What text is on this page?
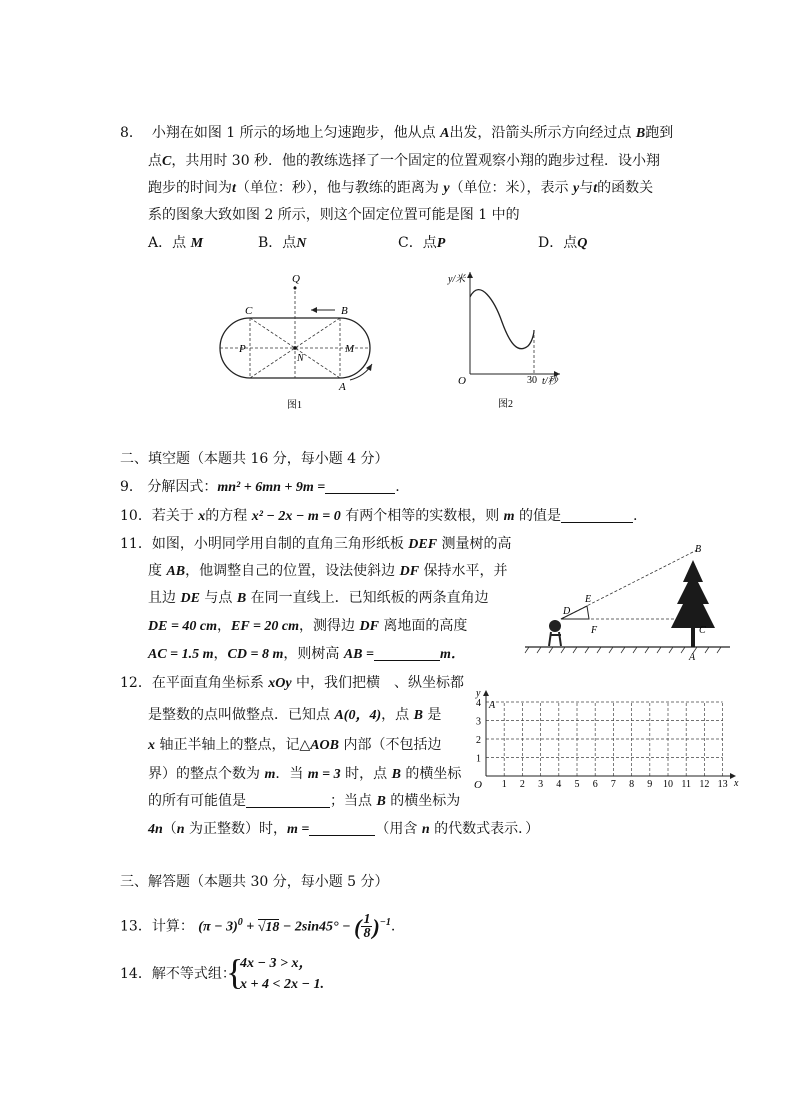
8． 小翔在如图 1 所示的场地上匀速跑步，他从点 A出发，沿箭头所示方向经过点 B跑到
点C，共用时 30 秒．他的教练选择了一个固定的位置观察小翔的跑步过程．设小翔
跑步的时间为t（单位：秒），他与教练的距离为 y（单位：米），表示 y与t的函数关
系的图象大致如图 2 所示，则这个固定位置可能是图 1 中的
A．点 M	B．点N	C．点P	D．点Q
Q
B
C
P	M
N
A
图1
y/米
O	30 t/秒
图2
二、填空题（本题共 16 分，每小题 4 分）
9． 分解因式：mn² + 6mn + 9m =	.
10．若关于 x的方程 x² − 2x − m = 0 有两个相等的实数根，则 m 的值是	.
11．如图，小明同学用自制的直角三角形纸板 DEF 测量树的高
度 AB，他调整自己的位置，设法使斜边 DF 保持水平，并
且边 DE 与点 B 在同一直线上．已知纸板的两条直角边
DE = 40 cm，EF = 20 cm，测得边 DF 离地面的高度
AC = 1.5 m，CD = 8 m，则树高 AB =	m．
B
D
E
F	C
A
12．在平面直角坐标系 xOy 中，我们把横　、纵坐标都
是整数的点叫做整点．已知点 A(0，4)，点 B 是
x 轴正半轴上的整点，记△AOB 内部（不包括边
界）的整点个数为 m．当 m = 3 时，点 B 的横坐标
的所有可能值是	；当点 B 的横坐标为
4n（n 为正整数）时，m =	（用含 n 的代数式表示．）
y
x
O
A
1 2 3 4 5 6 7 8 9 10 11 12 13
1
2
3
4
三、解答题（本题共 30 分，每小题 5 分）
13．计算： $(\pi - 3)^0 + √18 - 2\sin 45^\circ$ − ( $\frac{1}{8} )^{-1}$.
14．解不等式组：
{
4x − 3 > x，
x + 4 < 2x − 1.
